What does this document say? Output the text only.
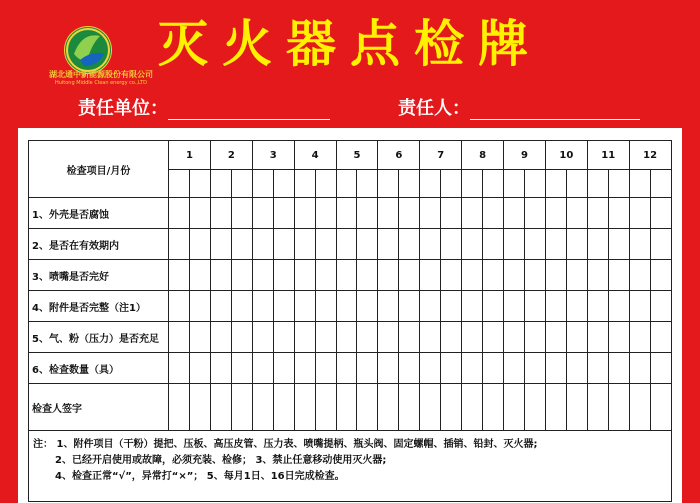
湖北通中新能源股份有限公司
Huitong Middle Clean energy co.,LTD
灭火器点检牌
责任单位：	责任人：
检查项目/月份	1		2		3		4		5		6		7		8		9		10		11		12	

1、外壳是否腐蚀																								
2、是否在有效期内																								
3、喷嘴是否完好																								
4、附件是否完整（注1）																								
5、气、粉（压力）是否充足																								
6、检查数量（具）																								
检查人签字																								

注： 1、附件项目（干粉）提把、压板、高压皮管、压力表、喷嘴提柄、瓶头阀、固定螺帽、插销、铅封、灭火器;
2、已经开启使用或故障，必须充装、检修； 3、禁止任意移动使用灭火器;
4、检查正常“√”，异常打“×”； 5、每月1日、16日完成检查。																								
